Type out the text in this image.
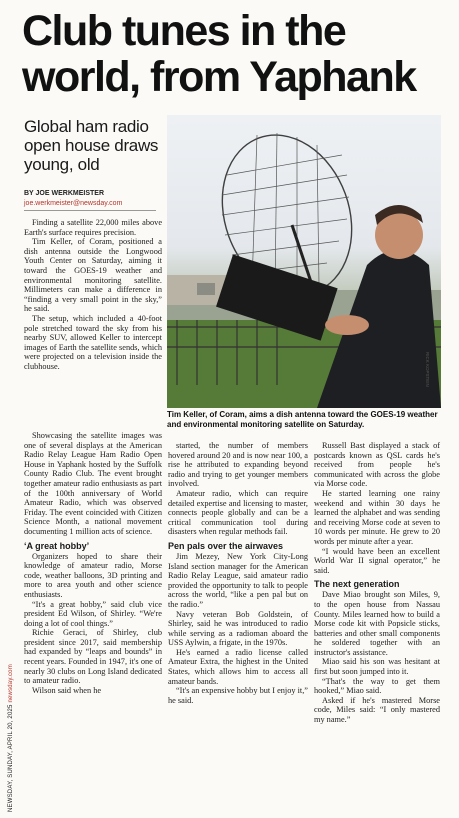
Club tunes in the
world, from Yaphank
Global ham radio open house draws young, old
BY JOE WERKMEISTER
joe.werkmeister@newsday.com

Finding a satellite 22,000 miles above Earth's surface requires precision.

Tim Keller, of Coram, positioned a dish antenna outside the Longwood Youth Center on Saturday, aiming it toward the GOES-19 weather and environmental monitoring satellite. Millimeters can make a difference in “finding a very small point in the sky,” he said.

The setup, which included a 40-foot pole stretched toward the sky from his nearby SUV, allowed Keller to intercept images of Earth the satellite sends, which were projected on a television inside the clubhouse.

Showcasing the satellite images was one of several displays at the American Radio Relay League Ham Radio Open House in Yaphank hosted by the Suffolk County Radio Club. The event brought together amateur radio enthusiasts as part of the 100th anniversary of World Amateur Radio, which was observed Friday. The event coincided with Citizen Science Month, a national movement documenting 1 million acts of science.

‘A great hobby’

Organizers hoped to share their knowledge of amateur radio, Morse code, weather balloons, 3D printing and more to area youth and other science enthusiasts.

“It's a great hobby,” said club vice president Ed Wilson, of Shirley. “We're doing a lot of cool things.”

Richie Geraci, of Shirley, club president since 2017, said membership had expanded by “leaps and bounds” in recent years. Founded in 1947, it's one of nearly 30 clubs on Long Island dedicated to amateur radio.

Wilson said when he

RICK KOPSTEIN
Tim Keller, of Coram, aims a dish antenna toward the GOES-19 weather and environmental monitoring satellite on Saturday.

started, the number of members hovered around 20 and is now near 100, a rise he attributed to expanding beyond radio and trying to get younger members involved.

Amateur radio, which can require detailed expertise and licensing to master, connects people globally and can be a critical communication tool during disasters when regular methods fail.

Pen pals over the airwaves

Jim Mezey, New York City-Long Island section manager for the American Radio Relay League, said amateur radio provided the opportunity to talk to people across the world, “like a pen pal but on the radio.”

Navy veteran Bob Goldstein, of Shirley, said he was introduced to radio while serving as a radioman aboard the USS Aylwin, a frigate, in the 1970s.

He's earned a radio license called Amateur Extra, the highest in the United States, which allows him to access all amateur bands.

“It's an expensive hobby but I enjoy it,” he said.

Russell Bast displayed a stack of postcards known as QSL cards he's received from people he's communicated with across the globe via Morse code.

He started learning one rainy weekend and within 30 days he learned the alphabet and was sending and receiving Morse code at seven to 10 words per minute. He grew to 20 words per minute after a year.

“I would have been an excellent World War II signal operator,” he said.

The next generation

Dave Miao brought son Miles, 9, to the open house from Nassau County. Miles learned how to build a Morse code kit with Popsicle sticks, batteries and other small components he soldered together with an instructor's assistance.

Miao said his son was hesitant at first but soon jumped into it.

“That's the way to get them hooked,” Miao said.

Asked if he's mastered Morse code, Miles said: “I only mastered my name.”

NEWSDAY, SUNDAY, APRIL 20, 2025 newsday.com
